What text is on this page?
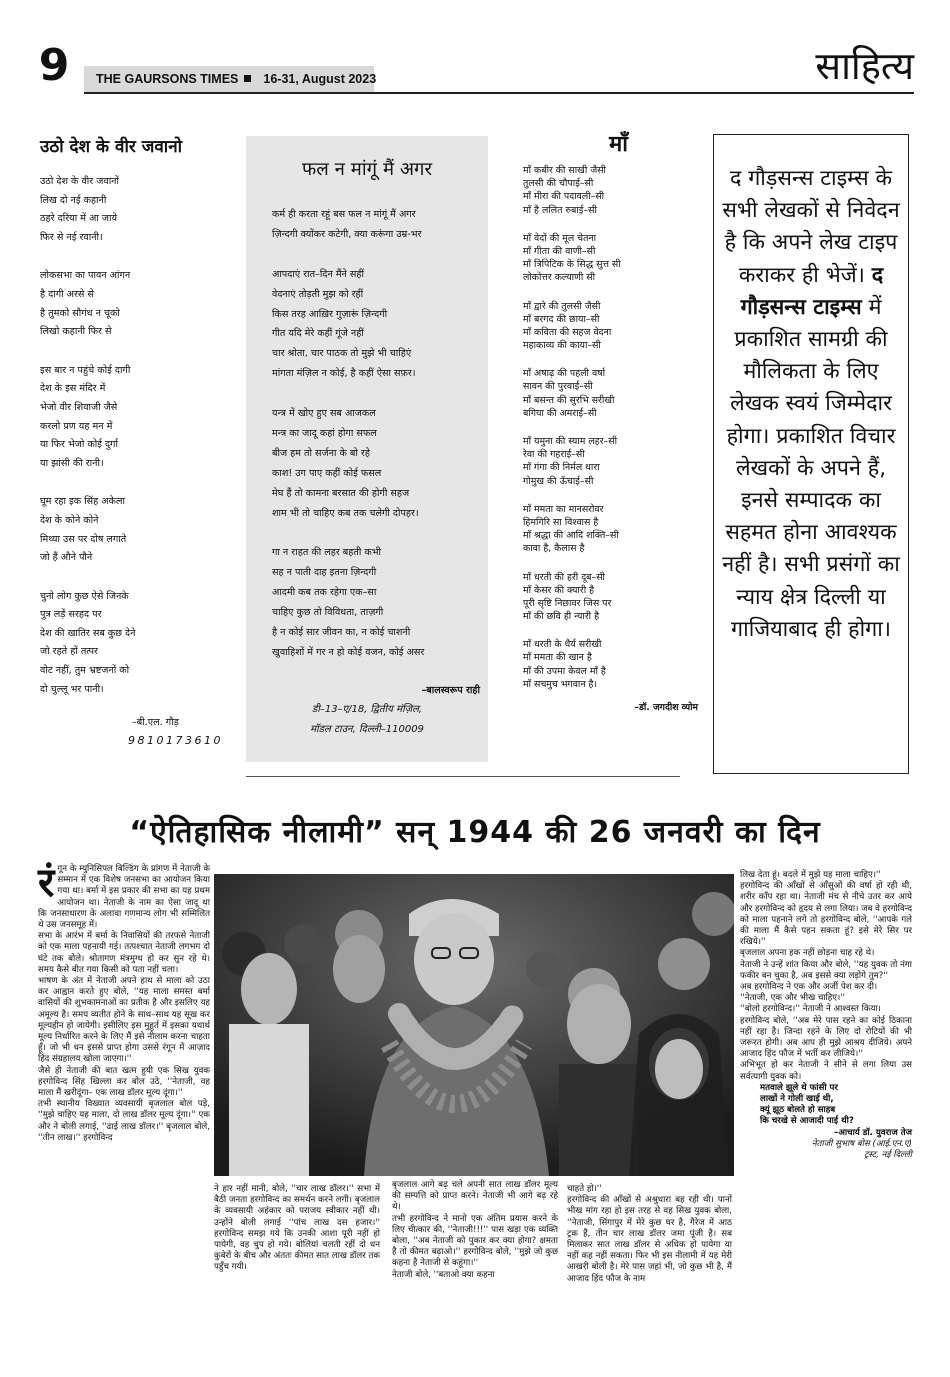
9	THE GAURSONS TIMES 16-31, August 2023	साहित्य
उठो देश के वीर जवानो
उठो देश के वीर जवानों
लिख दो नई कहानी
ठहरे दरिया में आ जाये
फिर से नई रवानी।
लोकसभा का पावन आंगन
है दागी अरसे से
है तुमको सौगंध न चूको
लिखो कहानी फिर से
इस बार न पहुंचे कोई दागी
देश के इस मंदिर में
भेजो वीर शिवाजी जैसे
करलो प्रण यह मन में
या फिर भेजो कोई दुर्गा
या झांसी की रानी।
घूम रहा इक सिंह अकेला
देश के कोने कोने
मिथ्या उस पर दोष लगाते
जो हैं औने पौने
चुनो लोग कुछ ऐसे जिनके
पुत्र लड़ें सरहद पर
देश की खातिर सब कुछ देने
जो रहते हों तत्पर
वोट नहीं, तुम भ्रष्टजनों को
दो चुल्लू भर पानी।
–बी.एल. गौड़
9810173610
फल न मांगूं मैं अगर
कर्म ही करता रहूं बस फल न मांगूं मैं अगर
ज़िन्दगी क्योंकर कटेगी, क्या करूंगा उम्र-भर
आपदाएं रात–दिन मैंने सहीं
वेदनाएं तोड़ती मुझ को रहीं
किस तरह आख़िर गुज़ारूं ज़िन्दगी
गीत यदि मेरे कहीं गूंजे नहीं
चार श्रोता, चार पाठक तो मुझे भी चाहिएं
मांगता मंज़िल न कोई, है कहीं ऐसा सफ़र।
यन्त्र में खोए हुए सब आजकल
मन्त्र का जादू कहां होगा सफल
बीज हम तो सर्जना के बो रहे
काश! उग पाए कहीं कोई फसल
मेघ हैं तो कामना बरसात की होगी सहज
शाम भी तो चाहिए कब तक चलेगी दोपहर।
गा न राहत की लहर बहती कभी
सह न पाती दाह इतना ज़िन्दगी
आदमी कब तक रहेगा एक–सा
चाहिए कुछ तो विविधता, ताज़गी
है न कोई सार जीवन का, न कोई चाशनी
खुवाहिशों में गर न हो कोई वजन, कोई असर
–बालस्वरूप राही
डी–13–ए/18, द्वितीय मंज़िल,
मॉडल टाउन, दिल्ली–110009
माँ
माँ कबीर की साखी जैसी
तुलसी की चौपाई–सी
माँ मीरा की पदावली–सी
माँ है ललित रुबाई–सी
माँ वेदों की मूल चेतना
माँ गीता की वाणी–सी
माँ त्रिपिटिक के सिद्ध सुत्त सी
लोकोत्तर कल्याणी सी
माँ द्वारे की तुलसी जैसी
माँ बरगद की छाया–सी
माँ कविता की सहज वेदना
महाकाव्य की काया–सी
माँ अषाढ़ की पहली वर्षा
सावन की पुरवाई–सी
माँ बसन्त की सुरभि सरीखी
बगिया की अमराई–सी
माँ यमुना की स्याम लहर–सी
रेवा की गहराई–सी
माँ गंगा की निर्मल धारा
गोमुख की ऊँचाई–सी
माँ ममता का मानसरोवर
हिमगिरि सा विश्वास है
माँ श्रद्धा की आदि शक्ति–सी
कावा है, कैलास है
माँ धरती की हरी दूब–सी
माँ केसर की क्यारी है
पूरी सृष्टि निछावर जिस पर
माँ की छवि ही न्यारी है
माँ धरती के धैर्य सरीखी
माँ ममता की खान है
माँ की उपमा केवल माँ है
माँ सचमुच भगवान है।
–डॉ. जगदीश व्योम
द गौड़सन्स टाइम्स के सभी लेखकों से निवेदन है कि अपने लेख टाइप कराकर ही भेजें। द गौड़सन्स टाइम्स में प्रकाशित सामग्री की मौलिकता के लिए लेखक स्वयं जिम्मेदार होगा। प्रकाशित विचार लेखकों के अपने हैं, इनसे सम्पादक का सहमत होना आवश्यक नहीं है। सभी प्रसंगों का न्याय क्षेत्र दिल्ली या गाजियाबाद ही होगा।
“ऐतिहासिक नीलामी” सन् 1944 की 26 जनवरी का दिन
रं गून के म्युनिसिपल बिल्डिंग के प्रांगण में नेताजी के सम्मान में एक विशेष जनसभा का आयोजन किया गया था। बर्मा में इस प्रकार की सभा का यह प्रथम आयोजन था। नेताजी के नाम का ऐसा जादू था कि जनसाधारण के अलावा गणमान्य लोग भी सम्मिलित थे उस जनसमूह में।

सभा के आरंभ में बर्मा के निवासियों की तरफसे नेताजी को एक माला पहनायी गई। तत्पश्चात नेताजी लगभग दो घंटे तक बोले। श्रोतागण मंत्रमुग्ध हो कर सुन रहे थे। समय कैसे बीत गया किसी को पता नहीं चला।

भाषण के अंत में नेताजी अपने हाथ से माला को उठा कर आह्वान करते हुए बोले, ''यह माला समस्त बर्मा वासियों की शुभकामनाओं का प्रतीक है और इसलिए यह अमूल्य है। समय व्यतीत होने के साथ–साथ यह सूख कर मूल्यहीन हो जायेगी। इसीलिए इस मुहुर्त में इसका यथार्थ मूल्य निर्धारित करने के लिए मैं इसे नीलाम करना चाहता हूँ। जो भी धन इससे प्राप्त होगा उससे रंगून में आज़ाद हिंद संग्रहालय खोला जाएगा।''

जैसे ही नेताजी की बात खत्म हुयी एक सिख युवक हरगोविन्द सिंह खिल्ला कर बोल उठे, ''नेताजी, वह माला मैं खरीदूंगा– एक लाख डॉलर मूल्य दूंगा।''

तभी स्थानीय विख्यात व्यवसायी बृजलाल बोल पड़े, ''मुझे चाहिए यह माला, दो लाख डॉलर मूल्य दूंगा।'' एक और ने बोली लगाई, ''ढाई लाख डॉलर।'' बृजलाल बोले, ''तीन लाख।'' हरगोविन्द

ने हार नहीं मानी, बोले, ''चार लाख डॉलर।'' सभा में बैठी जनता हरगोविन्द का समर्थन करने लगी। बृजलाल के व्यवसायी अहंकार को पराजय स्वीकार नहीं थी। उन्होंने बोली लगाई ''पांच लाख दस हजार।'' हरगोविन्द समझ गये कि उनकी आशा पूरी नहीं हो पायेगी, वह चुप हो गये। बोलियां चलती रहीं दो धन कुबेरों के बीच और अंततः कीमत सात लाख डॉलर तक पहुँच गयी।

बृजलाल आगे बढ़ चले अपनी सात लाख डॉलर मूल्य की सम्पत्ति को प्राप्त करने। नेताजी भी आगे बढ़ रहे थे।

तभी हरगोविन्द ने मानो एक अंतिम प्रयास करने के लिए चीत्कार की, ''नेताजी!!!'' पास खड़ा एक व्यक्ति बोला, ''अब नेताजी को पुकार कर क्या होगा? क्षमता है तो कीमत बढ़ाओ।'' हरगोविन्द बोले, ''मुझे जो कुछ कहना है नेताजी से कहूंगा।''

नेताजी बोले, ''बताओ क्या कहना

चाहते हो।''

हरगोविन्द की आँखों से अश्रुधारा बह रही थी। पानों भीख मांग रहा हो इस तरह से वह सिख युवक बोला, ''नेताजी, सिंगापुर में मेरे कुछ घर है, गैरेज में आठ ट्रक हैं, तीन चार लाख डॉलर जमा पूंजी है। सब मिलाकर सात लाख डॉलर से अधिक हो पायेगा या नहीं कह नहीं सकता। फिर भी इस नीलामी में यह मेरी आखरी बोली है। मेरे पास जहां भी, जो कुछ भी है, मैं आजाद हिंद फौज के नाम

लिख देता हूं। बदले में मुझे यह माला चाहिए।''

हरगोविन्द की आँखों से आँसुओं की वर्षा हो रही थी, शरीर काँप रहा था। नेताजी मंच से नीचे उतर कर आये और हरगोविन्द को हृदय से लगा लिया। जब वे हरगोविन्द को माला पहनाने लगे तो हरगोविन्द बोले, ''आपके गले की माला मैं कैसे पहन सकता हूं? इसे मेरे सिर पर रखिये।''

बृजलाल अपना हक नहीं छोड़ना चाह रहे थे।

नेताजी ने उन्हें शांत किया और बोले, ''यह युवक तो नंगा फकीर बन चुका है, अब इससे क्या लड़ोगे तुम?''

अब हरगोविन्द ने एक और अर्जी पेश कर दी।

''नेताजी, एक और भीख चाहिए।''

''बोलो हरगोविन्द।'' नेताजी ने आश्वस्त किया।

हरगोविन्द बोले, ''अब मेरे पास रहने का कोई ठिकाना नहीं रहा है। जिन्दा रहने के लिए दो रोटियों की भी जरूरत होगी। अब आप ही मुझे आश्रय दीजिये। अपने आजाद हिंद फौज में भर्ती कर लीजिये।''

अभिभूत हो कर नेताजी ने सीने से लगा लिया उस सर्वत्यागी युवक को।

मतवाले झूले थे फांसी पर
लाखों ने गोली खाई थी,
क्यूं झूठ बोलते हो साहब
कि चरखे से आजादी पाई थी?
–आचार्य डॉ. युवराज तेज
नेताजी सुभाष बोस (आई.एन.ए)
ट्रस्ट, नई दिल्ली
